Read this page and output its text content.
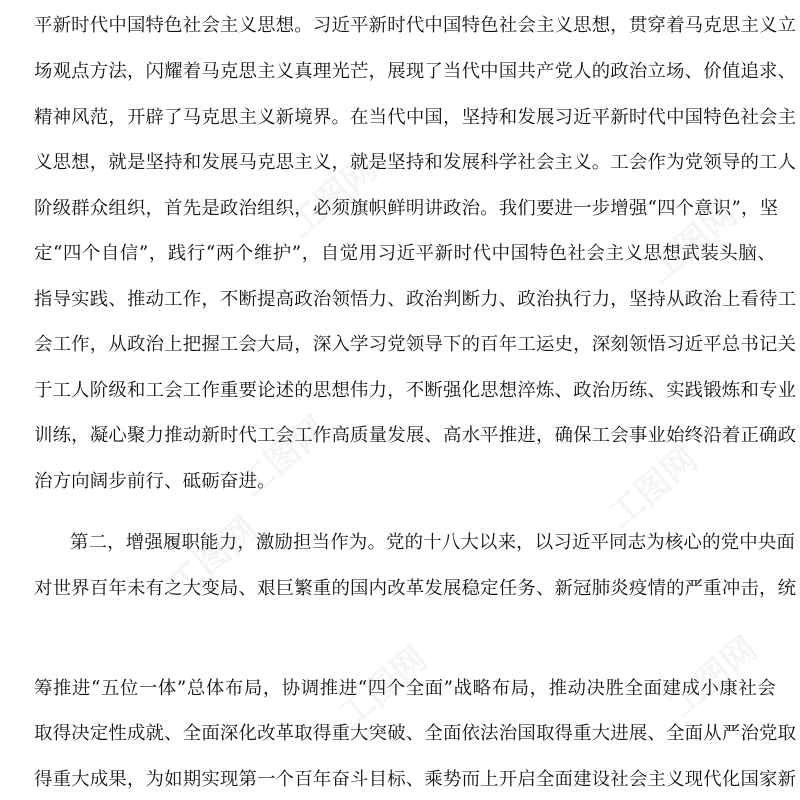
平新时代中国特色社会主义思想。习近平新时代中国特色社会主义思想，贯穿着马克思主义立
场观点方法，闪耀着马克思主义真理光芒，展现了当代中国共产党人的政治立场、价值追求、
精神风范，开辟了马克思主义新境界。在当代中国，坚持和发展习近平新时代中国特色社会主
义思想，就是坚持和发展马克思主义，就是坚持和发展科学社会主义。工会作为党领导的工人
阶级群众组织，首先是政治组织，必须旗帜鲜明讲政治。我们要进一步增强“四个意识”，坚
定“四个自信”，践行“两个维护”，自觉用习近平新时代中国特色社会主义思想武装头脑、
指导实践、推动工作，不断提高政治领悟力、政治判断力、政治执行力，坚持从政治上看待工
会工作，从政治上把握工会大局，深入学习党领导下的百年工运史，深刻领悟习近平总书记关
于工人阶级和工会工作重要论述的思想伟力，不断强化思想淬炼、政治历练、实践锻炼和专业
训练，凝心聚力推动新时代工会工作高质量发展、高水平推进，确保工会事业始终沿着正确政
治方向阔步前行、砥砺奋进。
第二，增强履职能力，激励担当作为。党的十八大以来，以习近平同志为核心的党中央面
对世界百年未有之大变局、艰巨繁重的国内改革发展稳定任务、新冠肺炎疫情的严重冲击，统
筹推进“五位一体”总体布局，协调推进“四个全面”战略布局，推动决胜全面建成小康社会
取得决定性成就、全面深化改革取得重大突破、全面依法治国取得重大进展、全面从严治党取
得重大成果，为如期实现第一个百年奋斗目标、乘势而上开启全面建设社会主义现代化国家新
工图网	工图网
工图网	工图网
工图网
工图网	工图网
